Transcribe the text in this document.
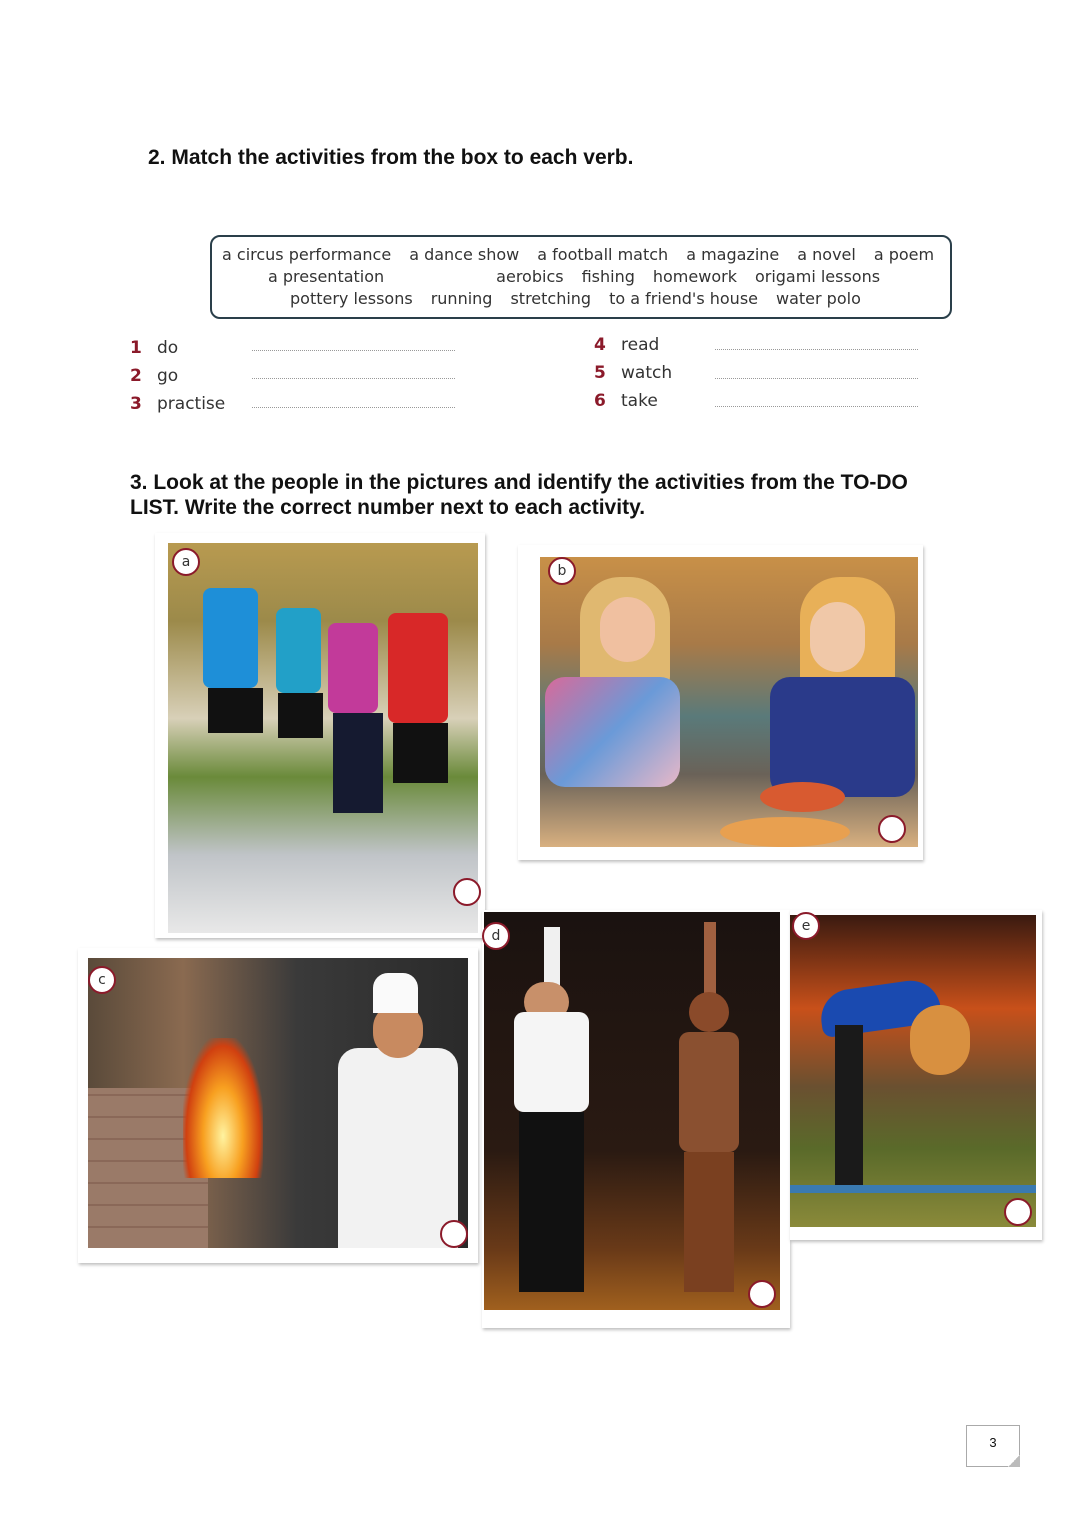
2. Match the activities from the box to each verb.
a circus performance a dance show a football match a magazine a novel a poem
a presentation	aerobics fishing homework origami lessons
pottery lessons running stretching to a friend's house water polo
1 do
2 go
3 practise
4 read
5 watch
6 take
3. Look at the people in the pictures and identify the activities from the TO-DO
LIST. Write the correct number next to each activity.
a
b
c
d
e
3
